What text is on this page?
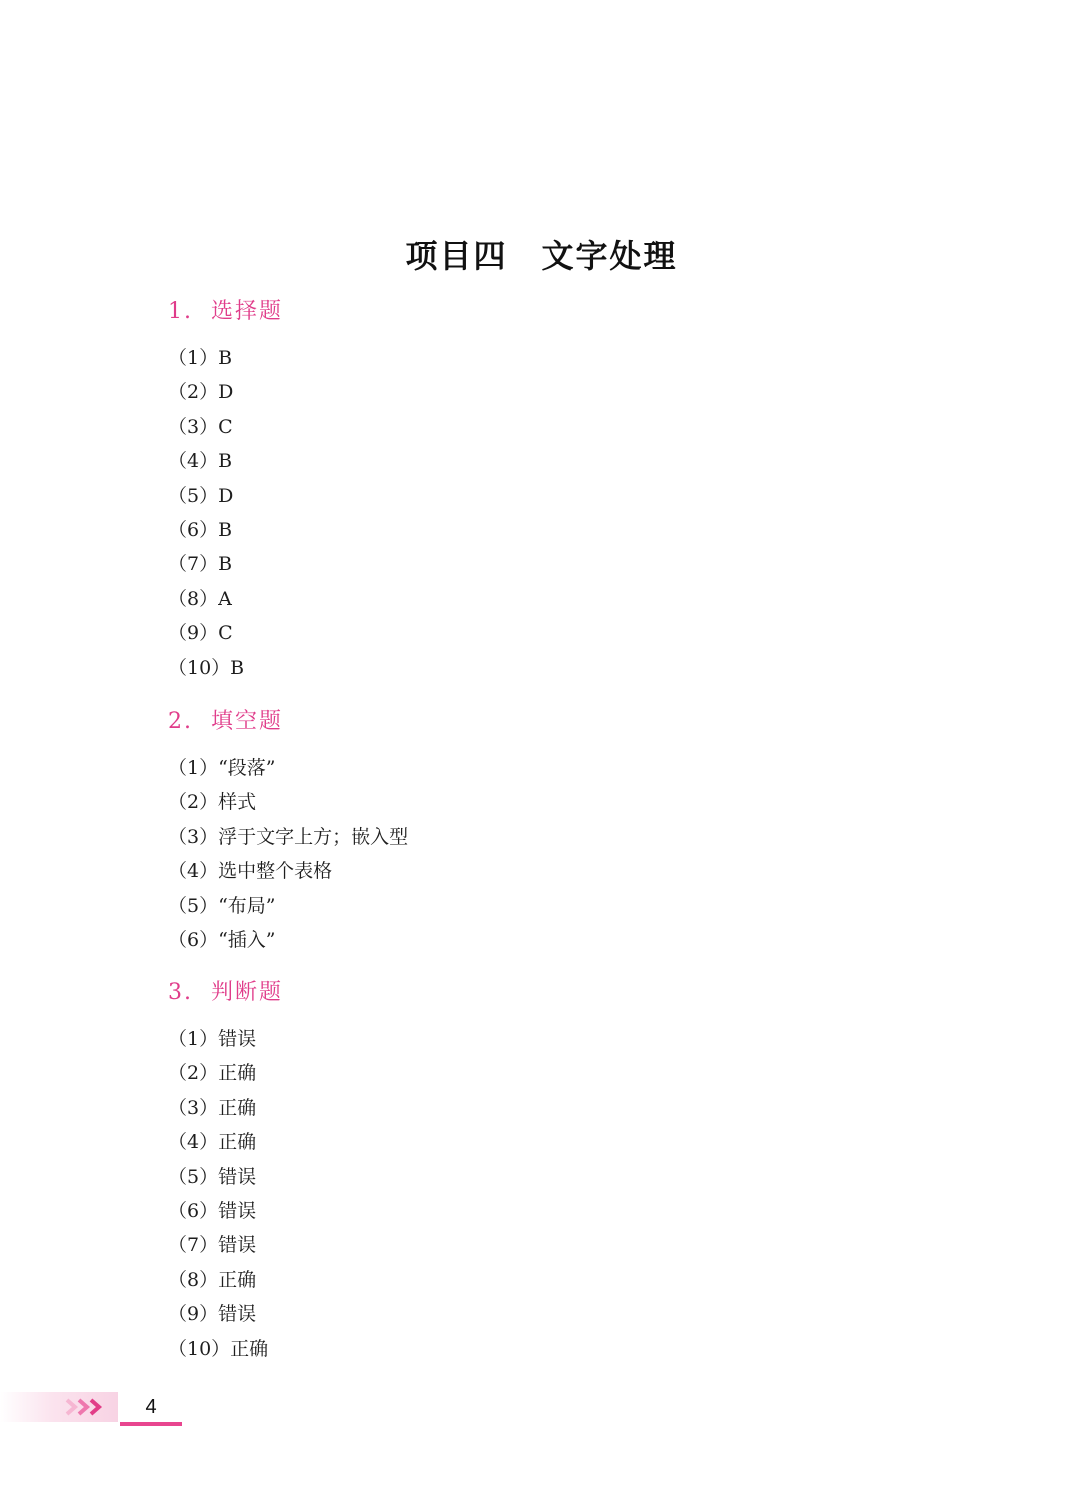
项目四　文字处理
1.  选择题
（1）B
（2）D
（3）C
（4）B
（5）D
（6）B
（7）B
（8）A
（9）C
（10）B
2.  填空题
（1）“段落”
（2）样式
（3）浮于文字上方；嵌入型
（4）选中整个表格
（5）“布局”
（6）“插入”
3.  判断题
（1）错误
（2）正确
（3）正确
（4）正确
（5）错误
（6）错误
（7）错误
（8）正确
（9）错误
（10）正确
4
